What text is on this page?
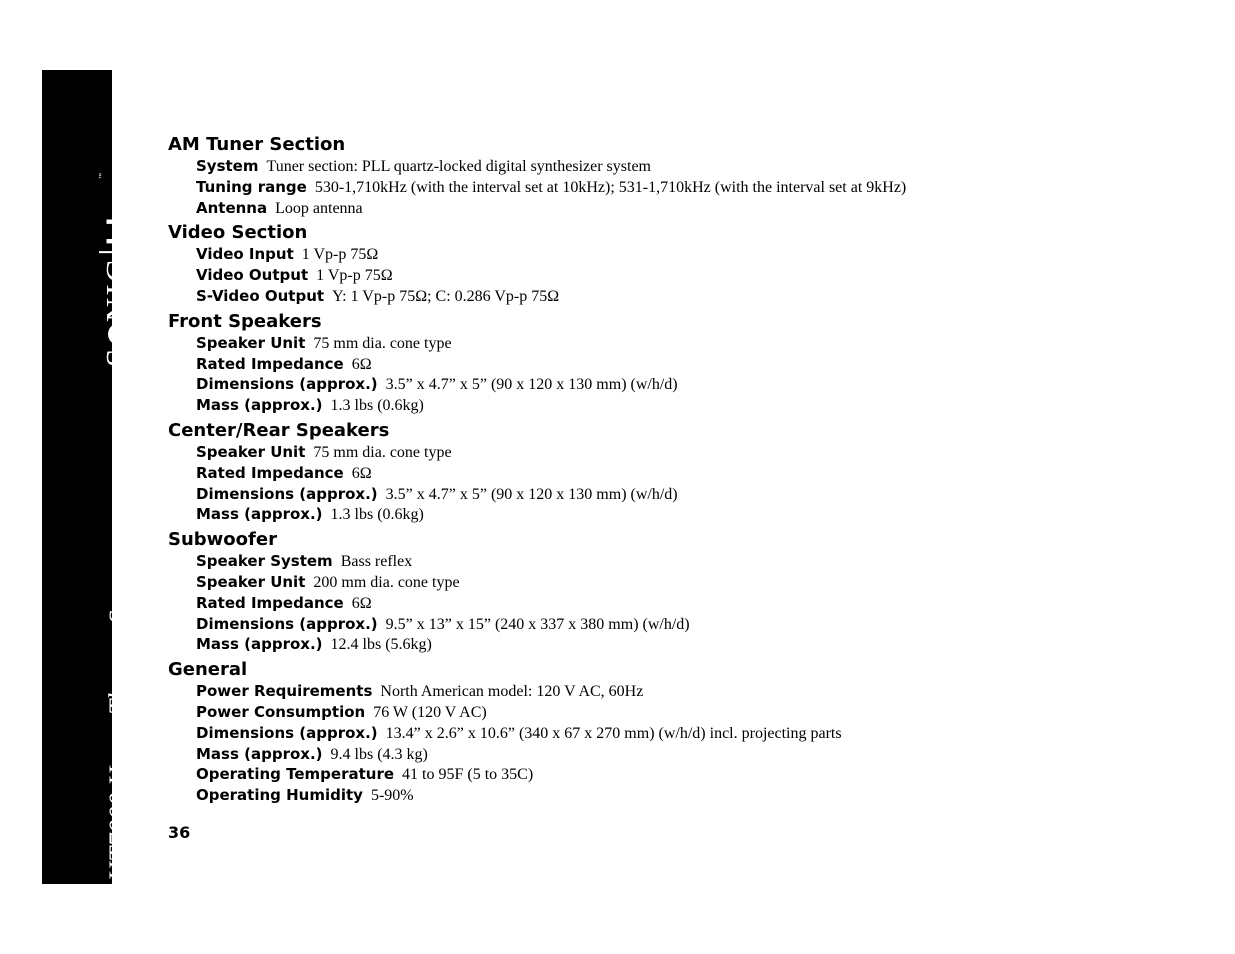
S
NIC
blue
™
DHT7000 Home Theater System
AM Tuner Section
System Tuner section: PLL quartz-locked digital synthesizer system
Tuning range 530-1,710kHz (with the interval set at 10kHz); 531-1,710kHz (with the interval set at 9kHz)
Antenna Loop antenna
Video Section
Video Input 1 Vp-p 75Ω
Video Output 1 Vp-p 75Ω
S-Video Output Y: 1 Vp-p 75Ω; C: 0.286 Vp-p 75Ω
Front Speakers
Speaker Unit 75 mm dia. cone type
Rated Impedance 6Ω
Dimensions (approx.) 3.5” x 4.7” x 5” (90 x 120 x 130 mm) (w/h/d)
Mass (approx.) 1.3 lbs (0.6kg)
Center/Rear Speakers
Speaker Unit 75 mm dia. cone type
Rated Impedance 6Ω
Dimensions (approx.) 3.5” x 4.7” x 5” (90 x 120 x 130 mm) (w/h/d)
Mass (approx.) 1.3 lbs (0.6kg)
Subwoofer
Speaker System Bass reflex
Speaker Unit 200 mm dia. cone type
Rated Impedance 6Ω
Dimensions (approx.) 9.5” x 13” x 15” (240 x 337 x 380 mm) (w/h/d)
Mass (approx.) 12.4 lbs (5.6kg)
General
Power Requirements North American model: 120 V AC, 60Hz
Power Consumption 76 W (120 V AC)
Dimensions (approx.) 13.4” x 2.6” x 10.6” (340 x 67 x 270 mm) (w/h/d) incl. projecting parts
Mass (approx.) 9.4 lbs (4.3 kg)
Operating Temperature 41 to 95F (5 to 35C)
Operating Humidity 5-90%
36
